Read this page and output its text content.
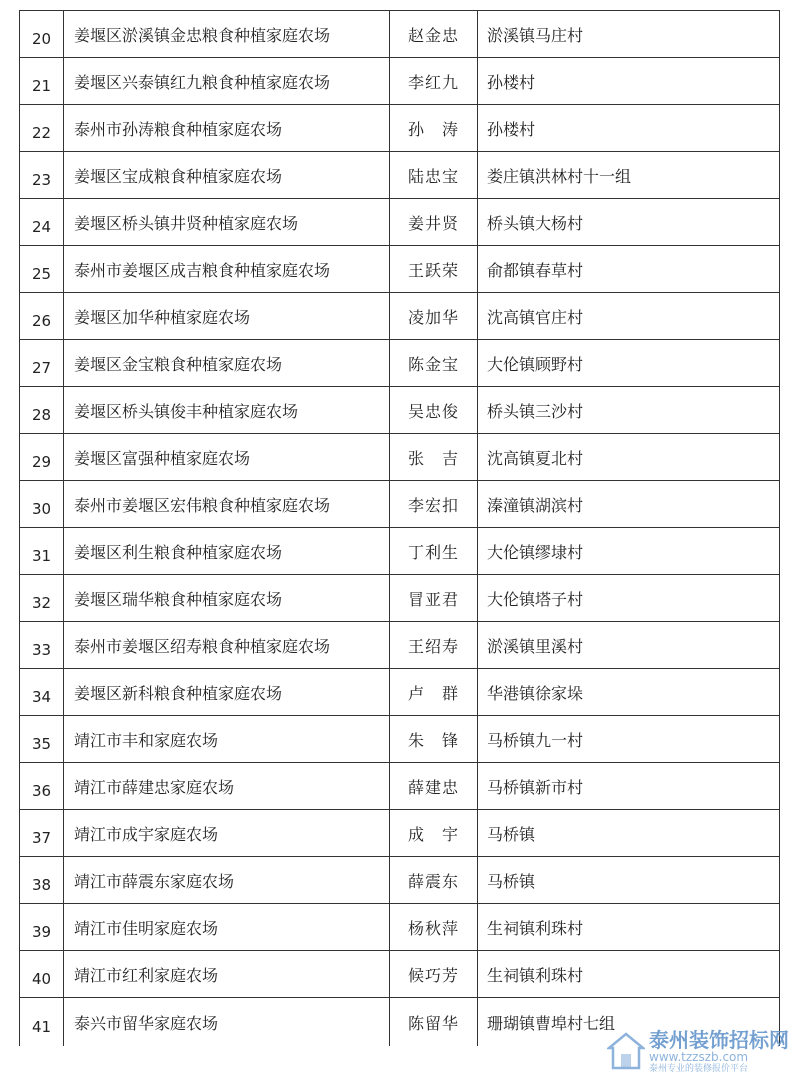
20	姜堰区淤溪镇金忠粮食种植家庭农场	赵金忠	淤溪镇马庄村
21	姜堰区兴泰镇红九粮食种植家庭农场	李红九	孙楼村
22	泰州市孙涛粮食种植家庭农场	孙　涛	孙楼村
23	姜堰区宝成粮食种植家庭农场	陆忠宝	娄庄镇洪林村十一组
24	姜堰区桥头镇井贤种植家庭农场	姜井贤	桥头镇大杨村
25	泰州市姜堰区成吉粮食种植家庭农场	王跃荣	俞都镇春草村
26	姜堰区加华种植家庭农场	凌加华	沈高镇官庄村
27	姜堰区金宝粮食种植家庭农场	陈金宝	大伦镇顾野村
28	姜堰区桥头镇俊丰种植家庭农场	吴忠俊	桥头镇三沙村
29	姜堰区富强种植家庭农场	张　吉	沈高镇夏北村
30	泰州市姜堰区宏伟粮食种植家庭农场	李宏扣	溱潼镇湖滨村
31	姜堰区利生粮食种植家庭农场	丁利生	大伦镇缪埭村
32	姜堰区瑞华粮食种植家庭农场	冒亚君	大伦镇塔子村
33	泰州市姜堰区绍寿粮食种植家庭农场	王绍寿	淤溪镇里溪村
34	姜堰区新科粮食种植家庭农场	卢　群	华港镇徐家垛
35	靖江市丰和家庭农场	朱　锋	马桥镇九一村
36	靖江市薛建忠家庭农场	薛建忠	马桥镇新市村
37	靖江市成宇家庭农场	成　宇	马桥镇
38	靖江市薛震东家庭农场	薛震东	马桥镇
39	靖江市佳明家庭农场	杨秋萍	生祠镇利珠村
40	靖江市红利家庭农场	候巧芳	生祠镇利珠村
41	泰兴市留华家庭农场	陈留华	珊瑚镇曹埠村七组
泰州装饰招标网
www.tzzszb.com
泰州专业的装修报价平台
